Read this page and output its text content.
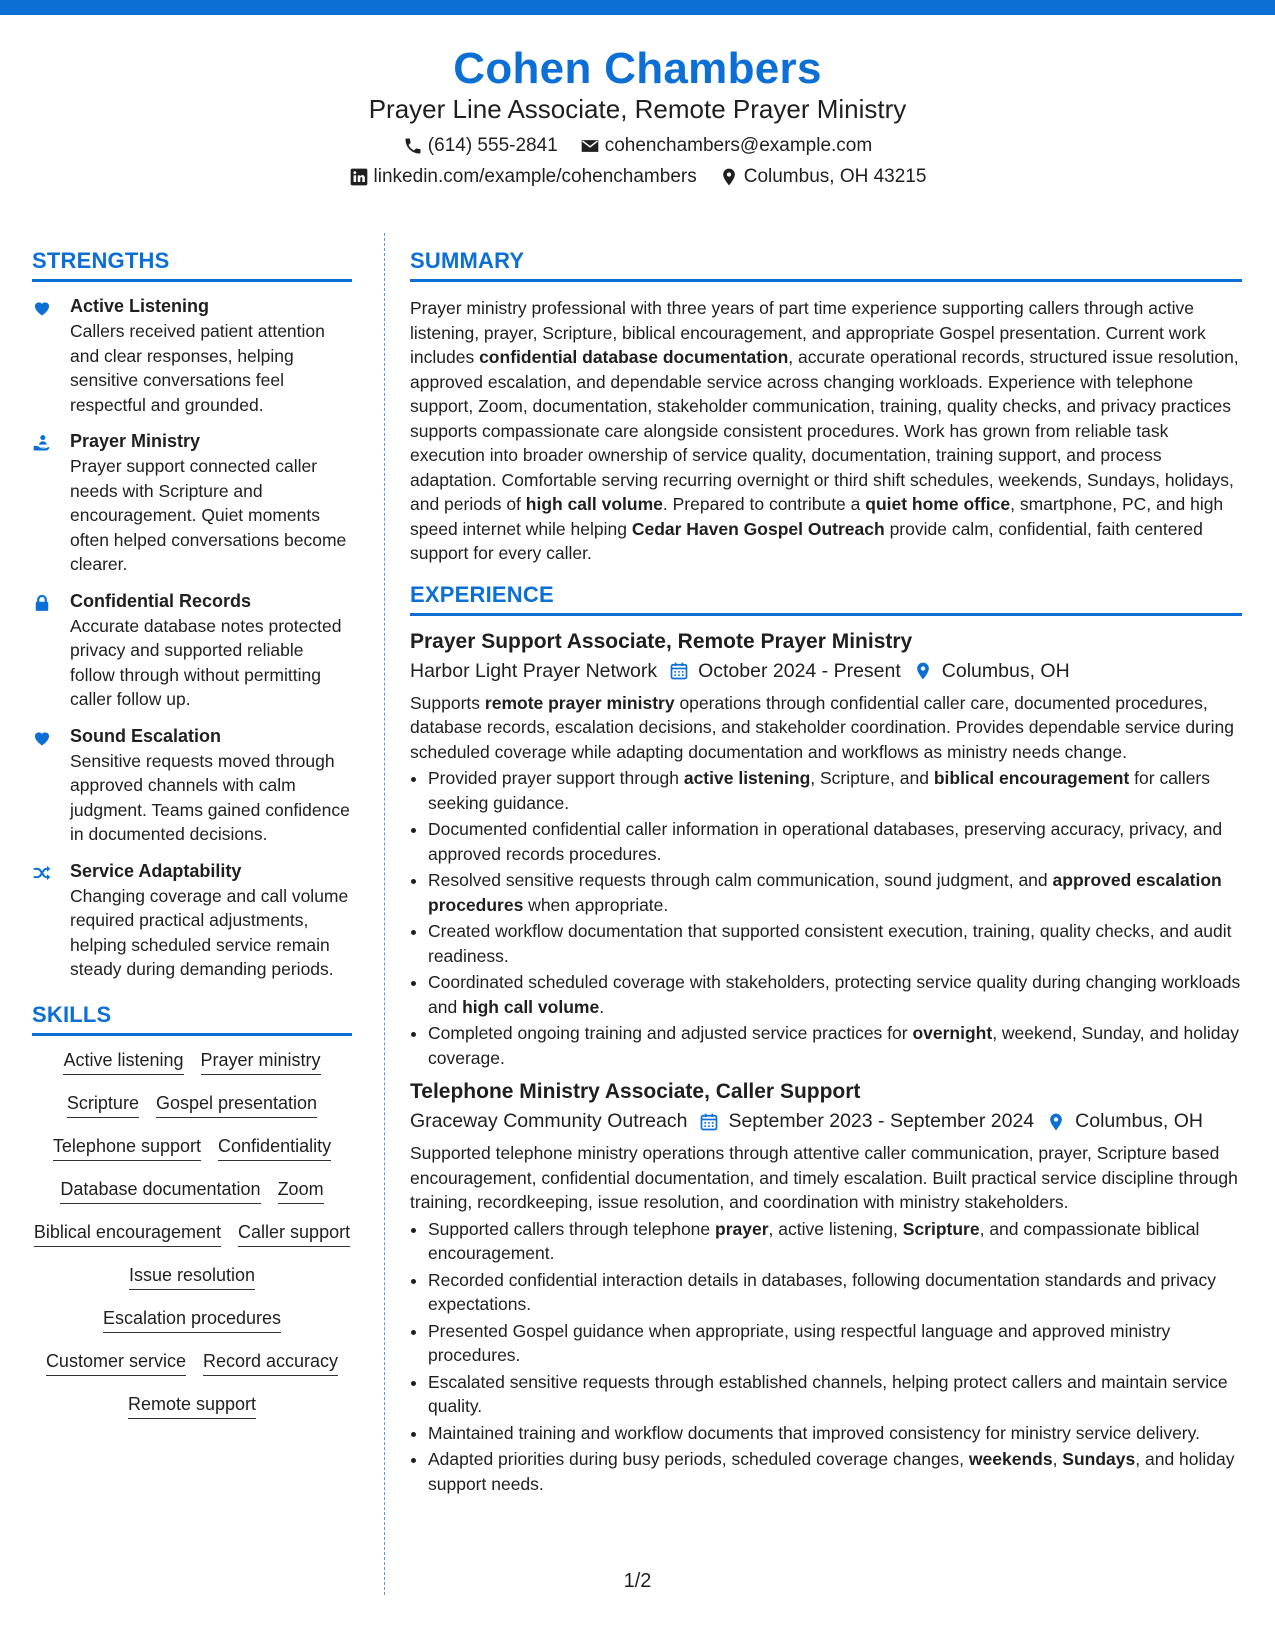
Cohen Chambers
Prayer Line Associate, Remote Prayer Ministry
(614) 555-2841 cohenchambers@example.com
linkedin.com/example/cohenchambers Columbus, OH 43215
STRENGTHS
Active Listening
Callers received patient attention and clear responses, helping sensitive conversations feel respectful and grounded.
Prayer Ministry
Prayer support connected caller needs with Scripture and encouragement. Quiet moments often helped conversations become clearer.
Confidential Records
Accurate database notes protected privacy and supported reliable follow through without permitting caller follow up.
Sound Escalation
Sensitive requests moved through approved channels with calm judgment. Teams gained confidence in documented decisions.
Service Adaptability
Changing coverage and call volume required practical adjustments, helping scheduled service remain steady during demanding periods.
SKILLS
Active listening Prayer ministry
Scripture Gospel presentation
Telephone support Confidentiality
Database documentation Zoom
Biblical encouragement Caller support
Issue resolution
Escalation procedures
Customer service Record accuracy
Remote support
SUMMARY
Prayer ministry professional with three years of part time experience supporting callers through active listening, prayer, Scripture, biblical encouragement, and appropriate Gospel presentation. Current work includes confidential database documentation, accurate operational records, structured issue resolution, approved escalation, and dependable service across changing workloads. Experience with telephone support, Zoom, documentation, stakeholder communication, training, quality checks, and privacy practices supports compassionate care alongside consistent procedures. Work has grown from reliable task execution into broader ownership of service quality, documentation, training support, and process adaptation. Comfortable serving recurring overnight or third shift schedules, weekends, Sundays, holidays, and periods of high call volume. Prepared to contribute a quiet home office, smartphone, PC, and high speed internet while helping Cedar Haven Gospel Outreach provide calm, confidential, faith centered support for every caller.
EXPERIENCE
Prayer Support Associate, Remote Prayer Ministry
Harbor Light Prayer Network October 2024 - Present Columbus, OH
Supports remote prayer ministry operations through confidential caller care, documented procedures, database records, escalation decisions, and stakeholder coordination. Provides dependable service during scheduled coverage while adapting documentation and workflows as ministry needs change.
• Provided prayer support through active listening, Scripture, and biblical encouragement for callers seeking guidance.
• Documented confidential caller information in operational databases, preserving accuracy, privacy, and approved records procedures.
• Resolved sensitive requests through calm communication, sound judgment, and approved escalation procedures when appropriate.
• Created workflow documentation that supported consistent execution, training, quality checks, and audit readiness.
• Coordinated scheduled coverage with stakeholders, protecting service quality during changing workloads and high call volume.
• Completed ongoing training and adjusted service practices for overnight, weekend, Sunday, and holiday coverage.
Telephone Ministry Associate, Caller Support
Graceway Community Outreach September 2023 - September 2024 Columbus, OH
Supported telephone ministry operations through attentive caller communication, prayer, Scripture based encouragement, confidential documentation, and timely escalation. Built practical service discipline through training, recordkeeping, issue resolution, and coordination with ministry stakeholders.
• Supported callers through telephone prayer, active listening, Scripture, and compassionate biblical encouragement.
• Recorded confidential interaction details in databases, following documentation standards and privacy expectations.
• Presented Gospel guidance when appropriate, using respectful language and approved ministry procedures.
• Escalated sensitive requests through established channels, helping protect callers and maintain service quality.
• Maintained training and workflow documents that improved consistency for ministry service delivery.
• Adapted priorities during busy periods, scheduled coverage changes, weekends, Sundays, and holiday support needs.
1/2
